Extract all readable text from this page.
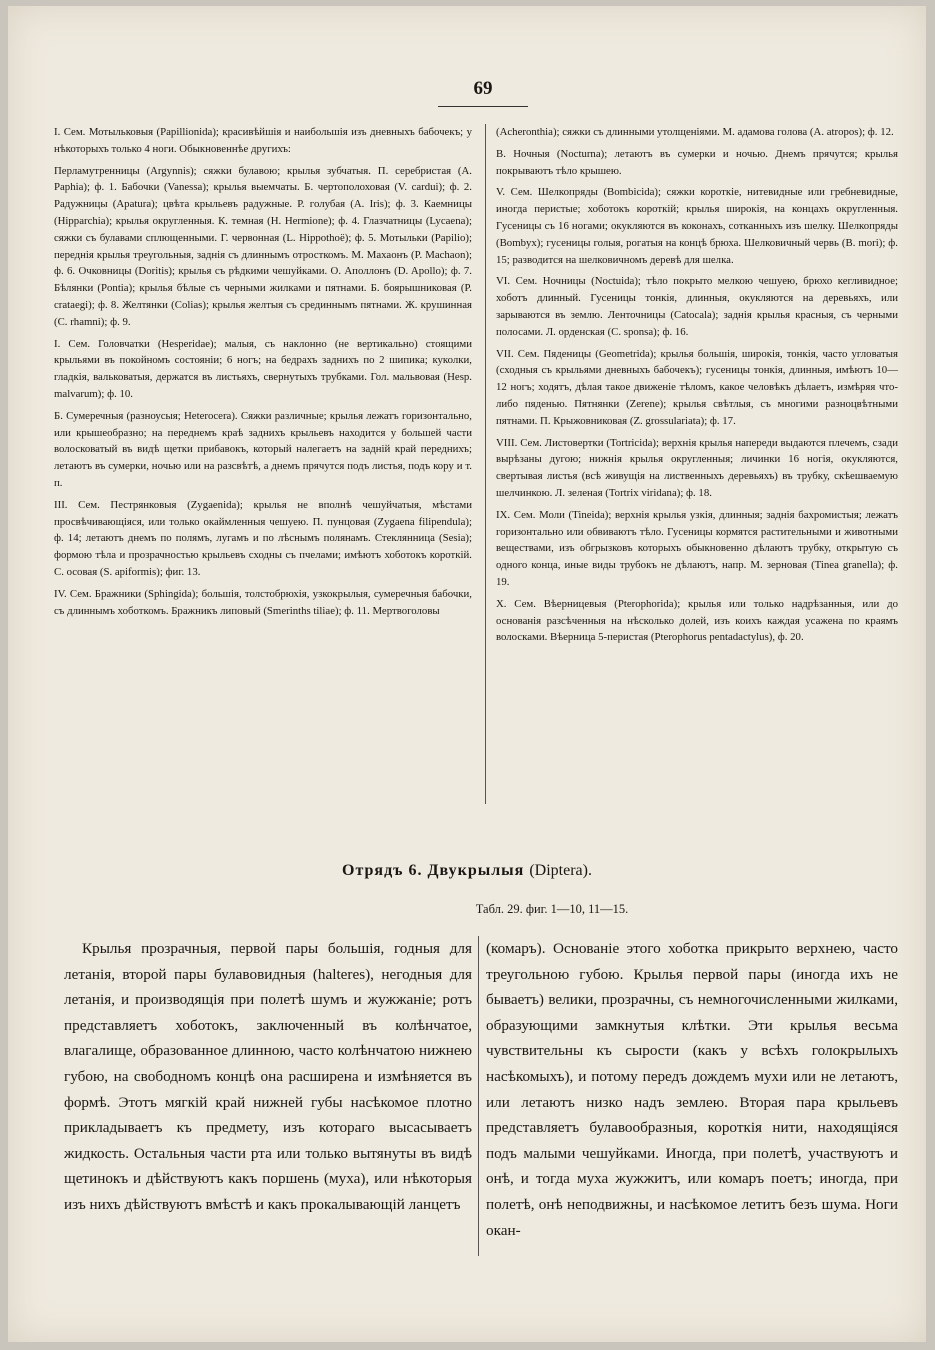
69

I. Сем. Мотыльковыя (Papillionida); красивѣйшія и наибольшія изъ дневныхъ бабочекъ; у нѣкоторыхъ только 4 ноги. Обыкновеннѣе другихъ:

Перламутренницы (Argynnis); сяжки булавою; крылья зубчатыя. П. серебристая (A. Paphia); ф. 1. Бабочки (Vanessa); крылья выемчаты. Б. чертополоховая (V. cardui); ф. 2. Радужницы (Apatura); цвѣта крыльевъ радужные. Р. голубая (A. Iris); ф. 3. Каемницы (Hipparchia); крылья округленныя. К. темная (H. Hermione); ф. 4. Глазчатницы (Lycaena); сяжки съ булавами сплющенными. Г. червонная (L. Hippothoë); ф. 5. Мотыльки (Papilio); переднія крылья треугольныя, заднія съ длиннымъ отросткомъ. М. Махаонъ (P. Machaon); ф. 6. Очковницы (Doritis); крылья съ рѣдкими чешуйками. О. Аполлонъ (D. Apollo); ф. 7. Бѣлянки (Pontia); крылья бѣлые съ черными жилками и пятнами. Б. боярышниковая (P. crataegi); ф. 8. Желтянки (Colias); крылья желтыя съ срединнымъ пятнами. Ж. крушинная (C. rhamni); ф. 9.

I. Сем. Головчатки (Hesperidae); малыя, съ наклонно (не вертикально) стоящими крыльями въ покойномъ состояніи; 6 ногъ; на бедрахъ заднихъ по 2 шипика; куколки, гладкія, вальковатыя, держатся въ листьяхъ, свернутыхъ трубками. Гол. мальвовая (Hesp. malvarum); ф. 10.

Б. Сумеречныя (разноусыя; Heterocera). Сяжки различные; крылья лежатъ горизонтально, или крышеобразно; на переднемъ краѣ заднихъ крыльевъ находится у большей части волосковатый въ видѣ щетки прибавокъ, который налегаетъ на задній край переднихъ; летаютъ въ сумерки, ночью или на разсвѣтѣ, а днемъ прячутся подъ листья, подъ кору и т. п.

III. Сем. Пестрянковыя (Zygaenida); крылья не вполнѣ чешуйчатыя, мѣстами просвѣчивающіяся, или только окаймленныя чешуею. П. пунцовая (Zygaena filipendula); ф. 14; летаютъ днемъ по полямъ, лугамъ и по лѣснымъ полянамъ. Стеклянница (Sesia); формою тѣла и прозрачностью крыльевъ сходны съ пчелами; имѣютъ хоботокъ короткій. С. осовая (S. apiformis); фиг. 13.

IV. Сем. Бражники (Sphingida); большія, толстобрюхія, узкокрылыя, сумеречныя бабочки, съ длиннымъ хоботкомъ. Бражникъ липовый (Smerinths tiliae); ф. 11. Мертвоголовы

(Acheronthia); сяжки съ длинными утолщеніями. М. адамова голова (A. atropos); ф. 12.

В. Ночныя (Nocturna); летаютъ въ сумерки и ночью. Днемъ прячутся; крылья покрываютъ тѣло крышею.

V. Сем. Шелкопряды (Bombicida); сяжки короткіе, нитевидные или гребневидные, иногда перистые; хоботокъ короткій; крылья широкія, на концахъ округленныя. Гусеницы съ 16 ногами; окукляются въ коконахъ, сотканныхъ изъ шелку. Шелкопряды (Bombyx); гусеницы голыя, рогатыя на концѣ брюха. Шелковичный червь (B. mori); ф. 15; разводится на шелковичномъ деревѣ для шелка.

VI. Сем. Ночницы (Noctuida); тѣло покрыто мелкою чешуею, брюхо кегливидное; хоботъ длинный. Гусеницы тонкія, длинныя, окукляются на деревьяхъ, или зарываются въ землю. Ленточницы (Catocala); заднія крылья красныя, съ черными полосами. Л. орденская (C. sponsa); ф. 16.

VII. Сем. Пяденицы (Geometrida); крылья большія, широкія, тонкія, часто угловатыя (сходныя съ крыльями дневныхъ бабочекъ); гусеницы тонкія, длинныя, имѣютъ 10—12 ногъ; ходятъ, дѣлая такое движеніе тѣломъ, какое человѣкъ дѣлаетъ, измѣряя что-либо пяденью. Пятнянки (Zerene); крылья свѣтлыя, съ многими разноцвѣтными пятнами. П. Крыжовниковая (Z. grossulariata); ф. 17.

VIII. Сем. Листовертки (Tortricida); верхнія крылья напереди выдаются плечемъ, сзади вырѣзаны дугою; нижнія крылья округленныя; личинки 16 ногія, окукляются, свертывая листья (всѣ живущія на лиственныхъ деревьяхъ) въ трубку, скѣешваемую шелчинкою. Л. зеленая (Tortrix viridana); ф. 18.

IX. Сем. Моли (Tineida); верхнія крылья узкія, длинныя; заднія бахромистыя; лежатъ горизонтально или обвиваютъ тѣло. Гусеницы кормятся растительными и животными веществами, изъ обгрызковъ которыхъ обыкновенно дѣлаютъ трубку, открытую съ одного конца, иные виды трубокъ не дѣлаютъ, напр. М. зерновая (Tinea granella); ф. 19.

X. Сем. Вѣерницевыя (Pterophorida); крылья или только надрѣзанныя, или до основанія разсѣченныя на нѣсколько долей, изъ коихъ каждая усажена по краямъ волосками. Вѣерница 5-перистая (Pterophorus pentadactylus), ф. 20.

Отрядъ 6. Двукрылыя (Diptera).
Табл. 29. фиг. 1—10, 11—15.

Крылья прозрачныя, первой пары большія, годныя для летанія, второй пары булавовидныя (halteres), негодныя для летанія, и производящія при полетѣ шумъ и жужжаніе; ротъ представляетъ хоботокъ, заключенный въ колѣнчатое, влагалище, образованное длинною, часто колѣнчатою нижнею губою, на свободномъ концѣ она расширена и измѣняется въ формѣ. Этотъ мягкій край нижней губы насѣкомое плотно прикладываетъ къ предмету, изъ котораго высасываетъ жидкость. Остальныя части рта или только вытянуты въ видѣ щетинокъ и дѣйствуютъ какъ поршень (муха), или нѣкоторыя изъ нихъ дѣйствуютъ вмѣстѣ и какъ прокалывающій ланцетъ

(комаръ). Основаніе этого хоботка прикрыто верхнею, часто треугольною губою. Крылья первой пары (иногда ихъ не бываетъ) велики, прозрачны, съ немногочисленными жилками, образующими замкнутыя клѣтки. Эти крылья весьма чувствительны къ сырости (какъ у всѣхъ голокрылыхъ насѣкомыхъ), и потому передъ дождемъ мухи или не летаютъ, или летаютъ низко надъ землею. Вторая пара крыльевъ представляетъ булавообразныя, короткія нити, находящіяся подъ малыми чешуйками. Иногда, при полетѣ, участвуютъ и онѣ, и тогда муха жужжитъ, или комаръ поетъ; иногда, при полетѣ, онѣ неподвижны, и насѣкомое летитъ безъ шума. Ноги окан-
